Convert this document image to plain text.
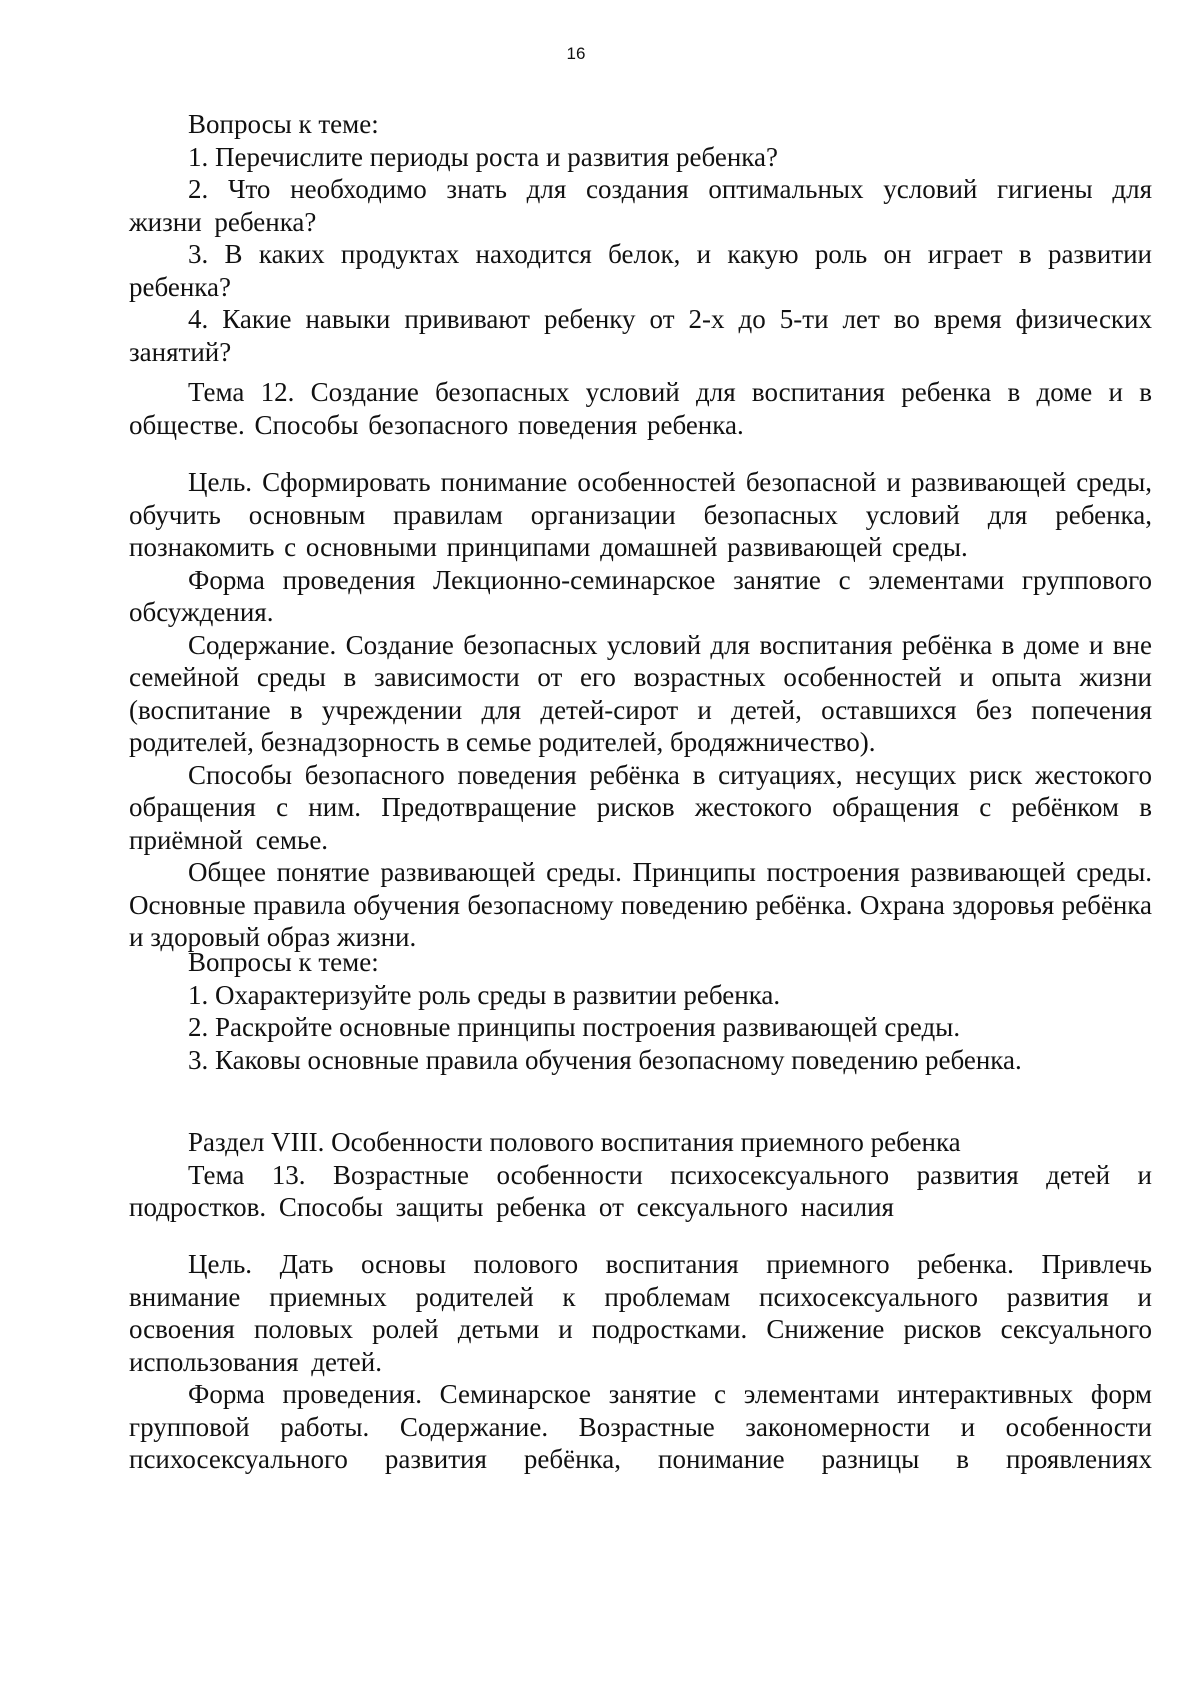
16

Вопросы к теме:

1. Перечислите периоды роста и развития ребенка?

2. Что необходимо знать для создания оптимальных условий гигиены для жизни ребенка?

3. В каких продуктах находится белок, и какую роль он играет в развитии ребенка?

4. Какие навыки прививают ребенку от 2-х до 5-ти лет во время физических занятий?

Тема 12. Создание безопасных условий для воспитания ребенка в доме и в обществе. Способы безопасного поведения ребенка.

Цель. Сформировать понимание особенностей безопасной и развивающей среды, обучить основным правилам организации безопасных условий для ребенка, познакомить с основными принципами домашней развивающей среды.

Форма проведения Лекционно-семинарское занятие с элементами группового обсуждения.

Содержание. Создание безопасных условий для воспитания ребёнка в доме и вне семейной среды в зависимости от его возрастных особенностей и опыта жизни (воспитание в учреждении для детей-сирот и детей, оставшихся без попечения родителей, безнадзорность в семье родителей, бродяжничество).

Способы безопасного поведения ребёнка в ситуациях, несущих риск жестокого обращения с ним. Предотвращение рисков жестокого обращения с ребёнком в приёмной семье.

Общее понятие развивающей среды. Принципы построения развивающей среды. Основные правила обучения безопасному поведению ребёнка. Охрана здоровья ребёнка и здоровый образ жизни.

Вопросы к теме:

1. Охарактеризуйте роль среды в развитии ребенка.

2. Раскройте основные принципы построения развивающей среды.

3. Каковы основные правила обучения безопасному поведению ребенка.

Раздел VIII. Особенности полового воспитания приемного ребенка

Тема 13. Возрастные особенности психосексуального развития детей и подростков. Способы защиты ребенка от сексуального насилия

Цель. Дать основы полового воспитания приемного ребенка. Привлечь внимание приемных родителей к проблемам психосексуального развития и освоения половых ролей детьми и подростками. Снижение рисков сексуального использования детей.

Форма проведения. Семинарское занятие с элементами интерактивных форм групповой работы. Содержание. Возрастные закономерности и особенности психосексуального развития ребёнка, понимание разницы в проявлениях
